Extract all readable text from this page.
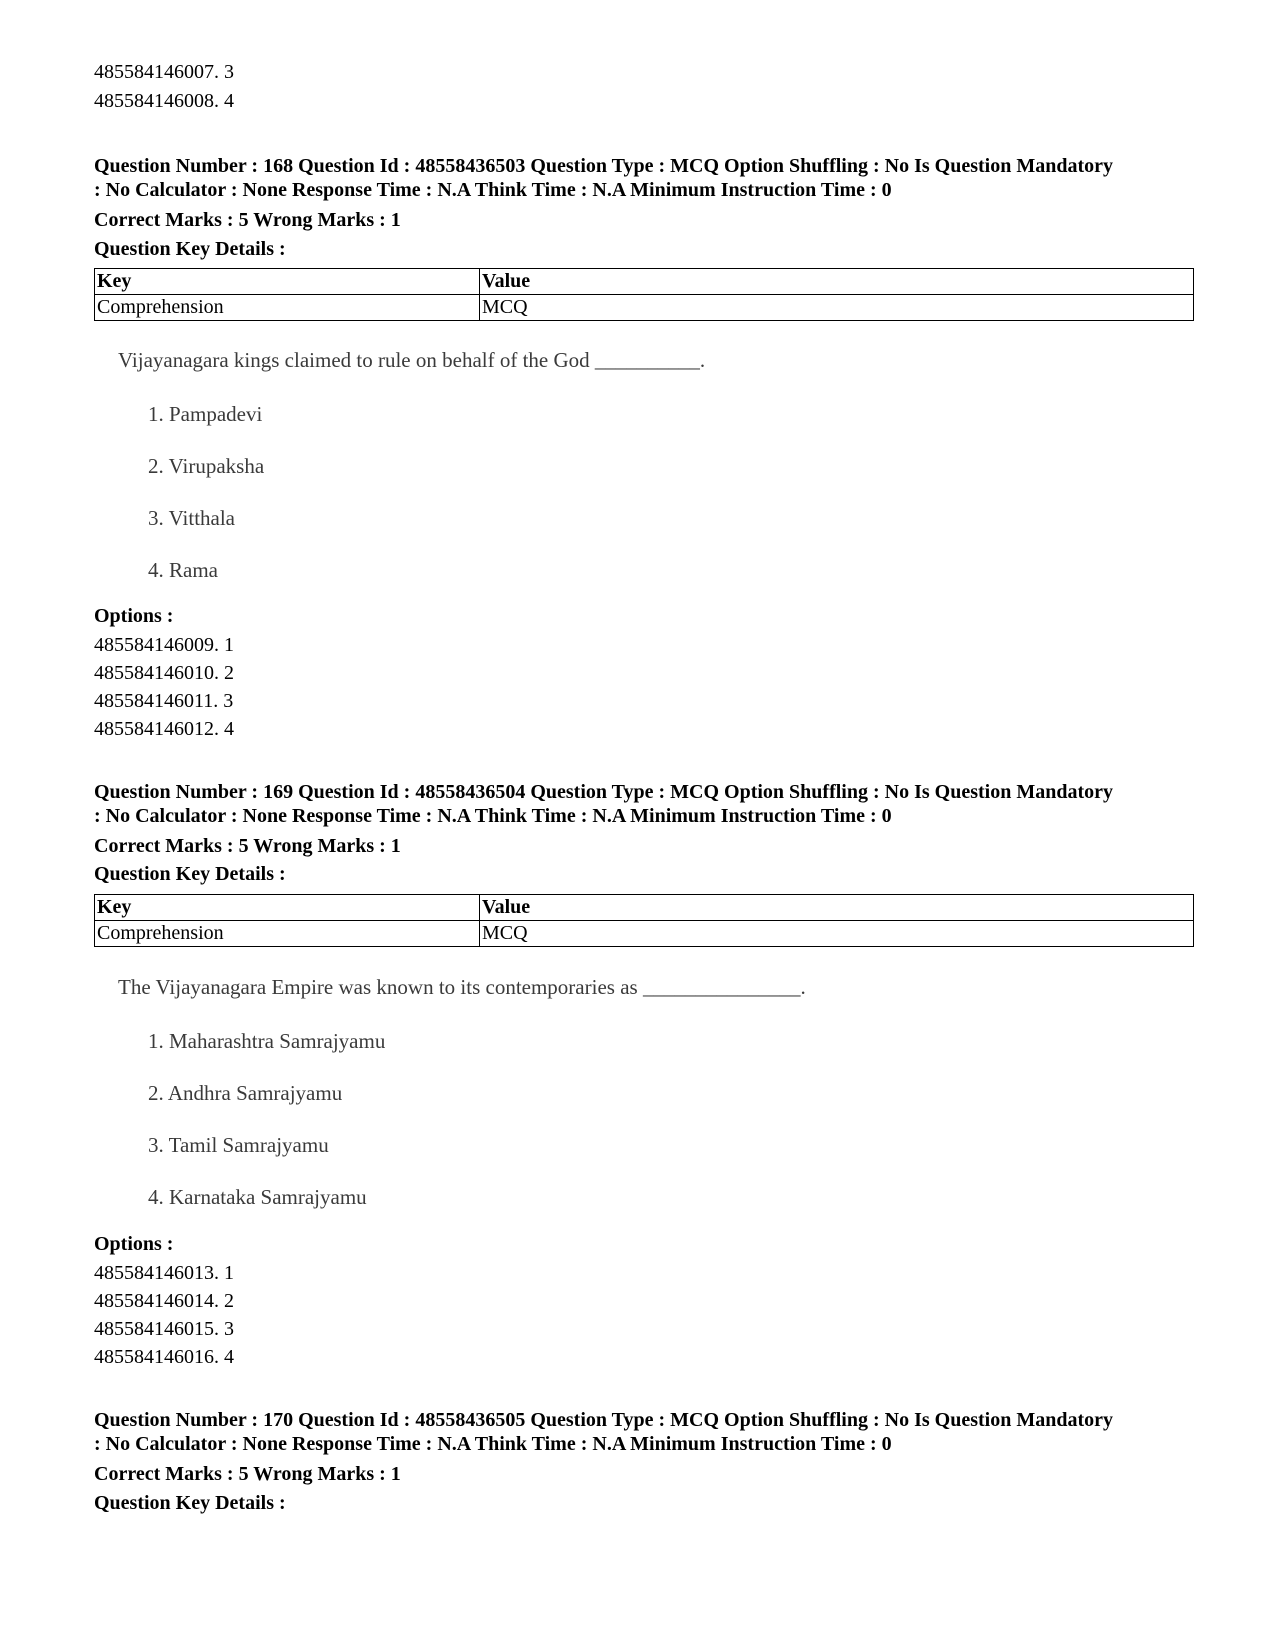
485584146007. 3
485584146008. 4
Question Number : 168 Question Id : 48558436503 Question Type : MCQ Option Shuffling : No Is Question Mandatory
: No Calculator : None Response Time : N.A Think Time : N.A Minimum Instruction Time : 0
Correct Marks : 5 Wrong Marks : 1
Question Key Details :
Key	Value
Comprehension	MCQ
Vijayanagara kings claimed to rule on behalf of the God __________.
1. Pampadevi
2. Virupaksha
3. Vitthala
4. Rama
Options :
485584146009. 1
485584146010. 2
485584146011. 3
485584146012. 4
Question Number : 169 Question Id : 48558436504 Question Type : MCQ Option Shuffling : No Is Question Mandatory
: No Calculator : None Response Time : N.A Think Time : N.A Minimum Instruction Time : 0
Correct Marks : 5 Wrong Marks : 1
Question Key Details :
Key	Value
Comprehension	MCQ
The Vijayanagara Empire was known to its contemporaries as _______________.
1. Maharashtra Samrajyamu
2. Andhra Samrajyamu
3. Tamil Samrajyamu
4. Karnataka Samrajyamu
Options :
485584146013. 1
485584146014. 2
485584146015. 3
485584146016. 4
Question Number : 170 Question Id : 48558436505 Question Type : MCQ Option Shuffling : No Is Question Mandatory
: No Calculator : None Response Time : N.A Think Time : N.A Minimum Instruction Time : 0
Correct Marks : 5 Wrong Marks : 1
Question Key Details :
